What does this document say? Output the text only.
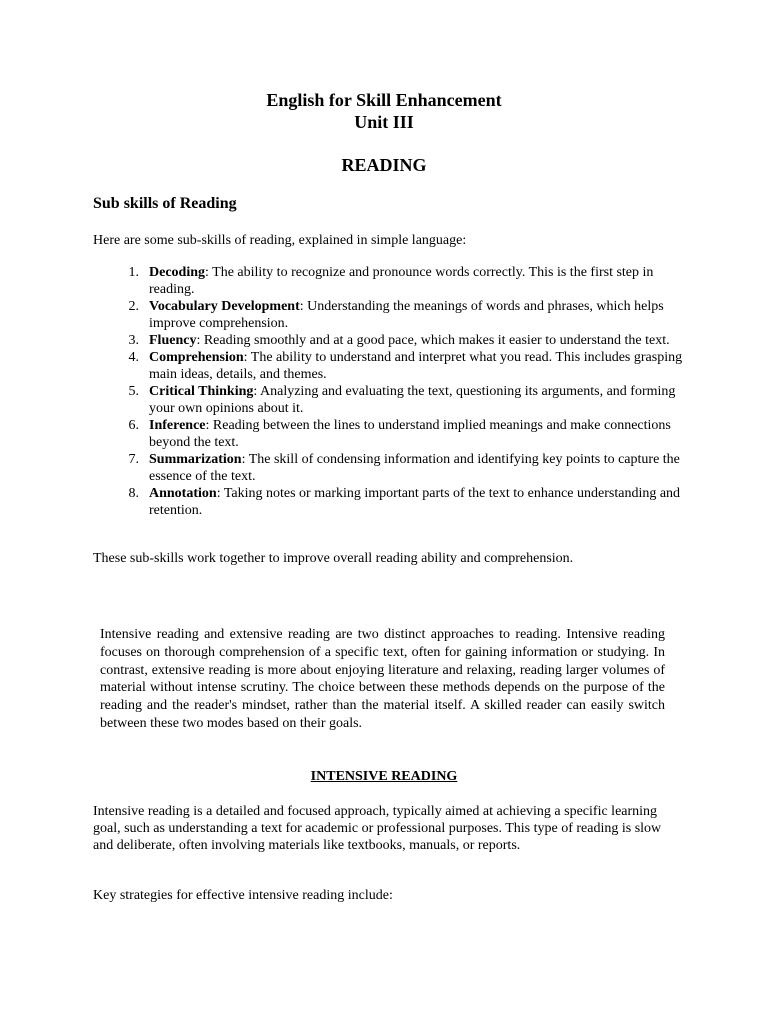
English for Skill Enhancement
Unit III
READING
Sub skills of Reading

Here are some sub-skills of reading, explained in simple language:

1. Decoding: The ability to recognize and pronounce words correctly. This is the first step in reading.
2. Vocabulary Development: Understanding the meanings of words and phrases, which helps improve comprehension.
3. Fluency: Reading smoothly and at a good pace, which makes it easier to understand the text.
4. Comprehension: The ability to understand and interpret what you read. This includes grasping main ideas, details, and themes.
5. Critical Thinking: Analyzing and evaluating the text, questioning its arguments, and forming your own opinions about it.
6. Inference: Reading between the lines to understand implied meanings and make connections beyond the text.
7. Summarization: The skill of condensing information and identifying key points to capture the essence of the text.
8. Annotation: Taking notes or marking important parts of the text to enhance understanding and retention.

These sub-skills work together to improve overall reading ability and comprehension.

Intensive reading and extensive reading are two distinct approaches to reading. Intensive reading focuses on thorough comprehension of a specific text, often for gaining information or studying. In contrast, extensive reading is more about enjoying literature and relaxing, reading larger volumes of material without intense scrutiny. The choice between these methods depends on the purpose of the reading and the reader's mindset, rather than the material itself. A skilled reader can easily switch between these two modes based on their goals.

INTENSIVE READING

Intensive reading is a detailed and focused approach, typically aimed at achieving a specific learning goal, such as understanding a text for academic or professional purposes. This type of reading is slow and deliberate, often involving materials like textbooks, manuals, or reports.

Key strategies for effective intensive reading include:
